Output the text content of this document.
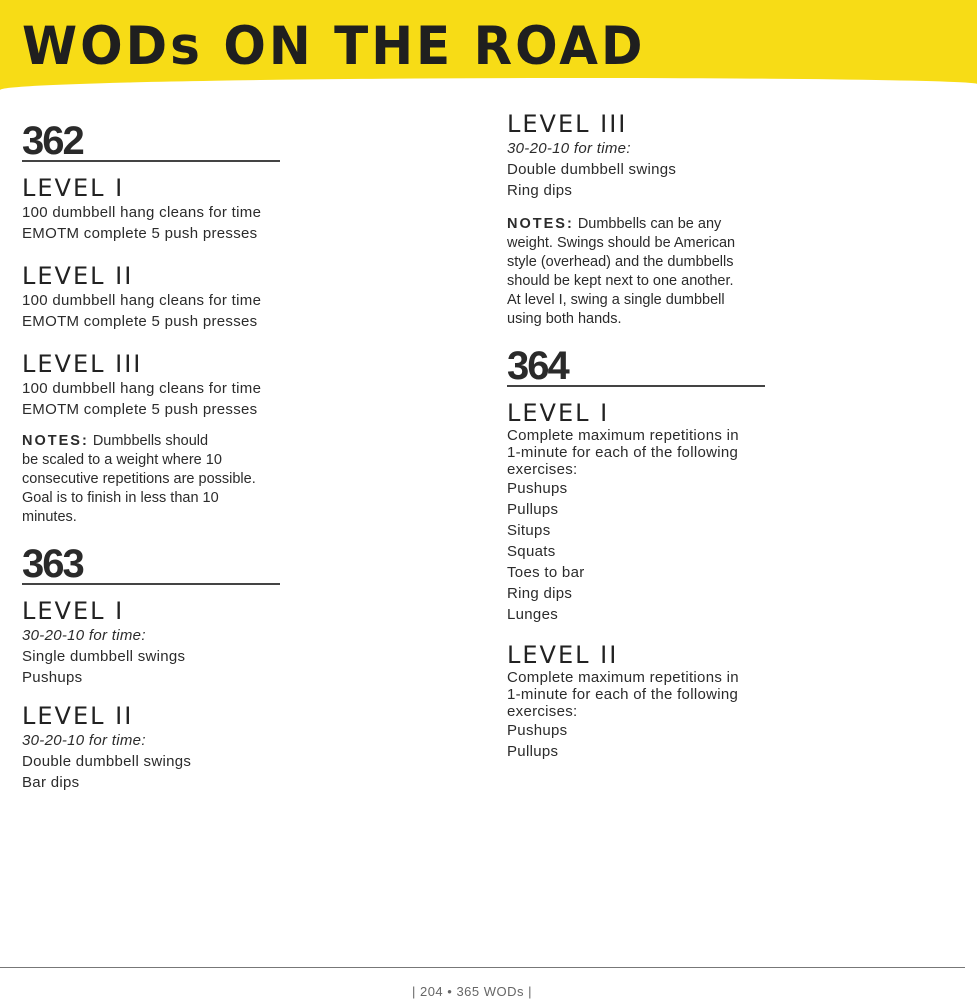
WODs ON THE ROAD
362

LEVEL I

100 dumbbell hang cleans for time

EMOTM complete 5 push presses

LEVEL II

100 dumbbell hang cleans for time

EMOTM complete 5 push presses

LEVEL III

100 dumbbell hang cleans for time

EMOTM complete 5 push presses

NOTES: Dumbbells should

be scaled to a weight where 10

consecutive repetitions are possible.

Goal is to finish in less than 10

minutes.

363

LEVEL I

30-20-10 for time:

Single dumbbell swings

Pushups

LEVEL II

30-20-10 for time:

Double dumbbell swings

Bar dips

LEVEL III

30-20-10 for time:

Double dumbbell swings

Ring dips

NOTES: Dumbbells can be any

weight. Swings should be American

style (overhead) and the dumbbells

should be kept next to one another.

At level I, swing a single dumbbell

using both hands.

364

LEVEL I

Complete maximum repetitions in

1-minute for each of the following

exercises:

Pushups

Pullups

Situps

Squats

Toes to bar

Ring dips

Lunges

LEVEL II

Complete maximum repetitions in

1-minute for each of the following

exercises:

Pushups

Pullups

| 204 • 365 WODs |
